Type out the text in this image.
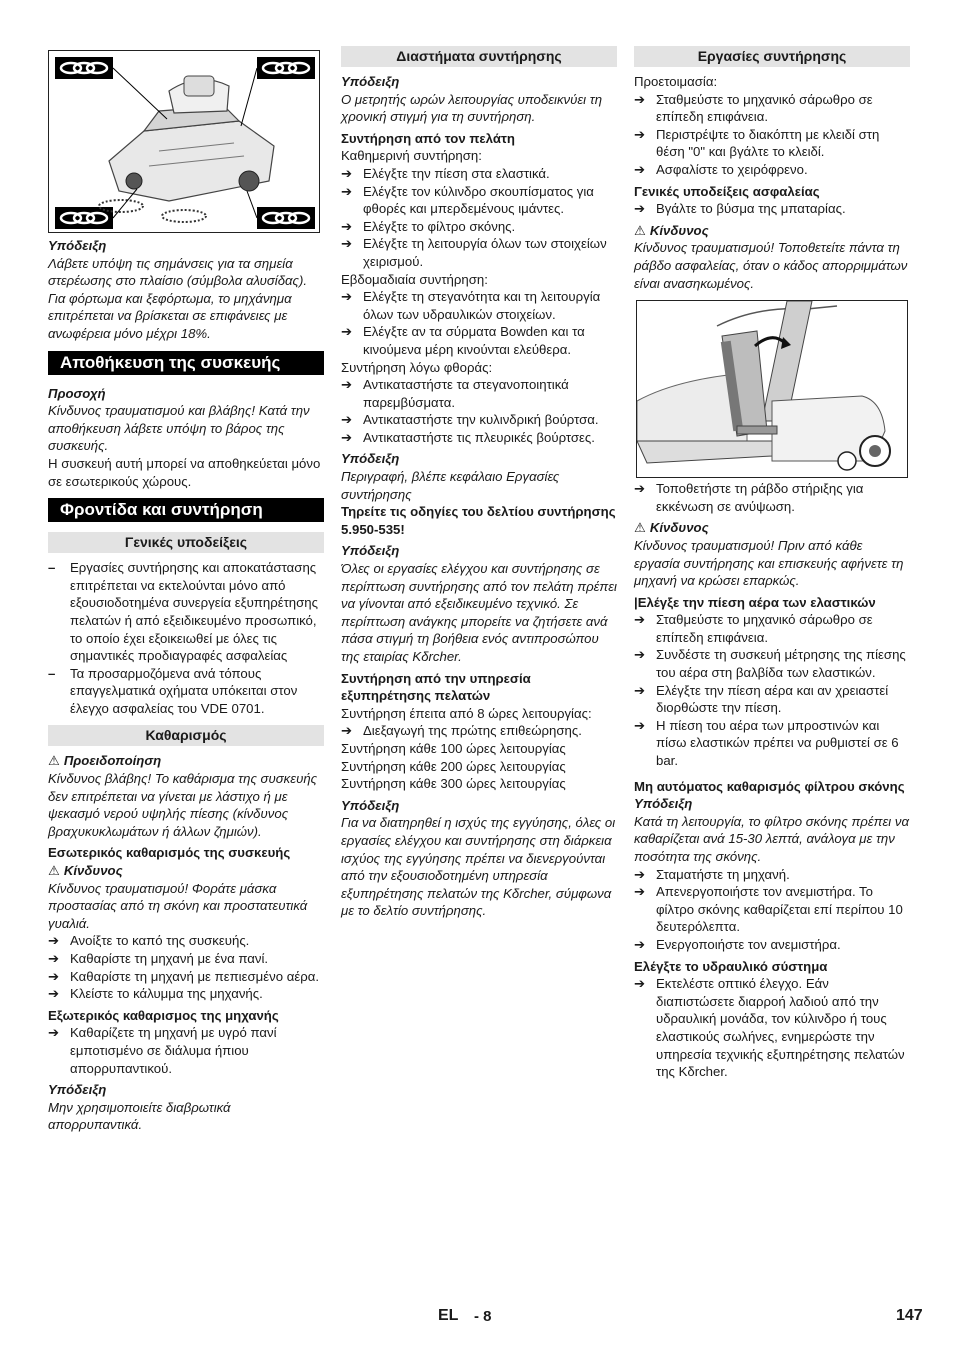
Υπόδειξη
Λάβετε υπόψη τις σημάνσεις για τα σημεία στερέωσης στο πλαίσιο (σύμβολα αλυσίδας). Για φόρτωμα και ξεφόρτωμα, το μηχάνημα επιτρέπεται να βρίσκεται σε επιφάνειες με ανωφέρεια μόνο μέχρι 18%.
Αποθήκευση της συσκευής
Προσοχή
Κίνδυνος τραυματισμού και βλάβης! Κατά την αποθήκευση λάβετε υπόψη το βάρος της συσκευής.
Η συσκευή αυτή μπορεί να αποθηκεύεται μόνο σε εσωτερικούς χώρους.
Φροντίδα και συντήρηση
Γενικές υποδείξεις
–	Εργασίες συντήρησης και αποκατάστασης επιτρέπεται να εκτελούνται μόνο από εξουσιοδοτημένα συνεργεία εξυπηρέτησης πελατών ή από εξειδικευμένο προσωπικό, το οποίο έχει εξοικειωθεί με όλες τις σημαντικές προδιαγραφές ασφαλείας
–	Τα προσαρμοζόμενα ανά τόπους επαγγελματικά οχήματα υπόκειται στον έλεγχο ασφαλείας του VDE 0701.
Καθαρισμός
⚠ Προειδοποίηση
Κίνδυνος βλάβης! Το καθάρισμα της συσκευής δεν επιτρέπεται να γίνεται με λάστιχο ή με ψεκασμό νερού υψηλής πίεσης (κίνδυνος βραχυκυκλωμάτων ή άλλων ζημιών).
Εσωτερικός καθαρισμός της συσκευής
⚠ Κίνδυνος
Κίνδυνος τραυματισμού! Φοράτε μάσκα προστασίας από τη σκόνη και προστατευτικά γυαλιά.
➔ Ανοίξτε το καπό της συσκευής.
➔ Καθαρίστε τη μηχανή με ένα πανί.
➔ Καθαρίστε τη μηχανή με πεπιεσμένο αέρα.
➔ Κλείστε το κάλυμμα της μηχανής.
Εξωτερικός καθαρισμος της μηχανής
➔ Καθαρίζετε τη μηχανή με υγρό πανί εμποτισμένο σε διάλυμα ήπιου απορρυπαντικού.
Υπόδειξη
Μην χρησιμοποιείτε διαβρωτικά απορρυπαντικά.
Διαστήματα συντήρησης
Υπόδειξη
Ο μετρητής ωρών λειτουργίας υποδεικνύει τη χρονική στιγμή για τη συντήρηση.
Συντήρηση από τον πελάτη
Καθημερινή συντήρηση:
➔ Ελέγξτε την πίεση στα ελαστικά.
➔ Ελέγξτε τον κύλινδρο σκουπίσματος για φθορές και μπερδεμένους ιμάντες.
➔ Ελέγξτε το φίλτρο σκόνης.
➔ Ελέγξτε τη λειτουργία όλων των στοιχείων χειρισμού.
Εβδομαδιαία συντήρηση:
➔ Ελέγξτε τη στεγανότητα και τη λειτουργία όλων των υδραυλικών στοιχείων.
➔ Ελέγξτε αν τα σύρματα Bowden και τα κινούμενα μέρη κινούνται ελεύθερα.
Συντήρηση λόγω φθοράς:
➔ Αντικαταστήστε τα στεγανοποιητικά παρεμβύσματα.
➔ Αντικαταστήστε την κυλινδρική βούρτσα.
➔ Αντικαταστήστε τις πλευρικές βούρτσες.
Υπόδειξη
Περιγραφή, βλέπε κεφάλαιο Εργασίες συντήρησης
Τηρείτε τις οδηγίες του δελτίου συντήρησης 5.950-535!
Υπόδειξη
Όλες οι εργασίες ελέγχου και συντήρησης σε περίπτωση συντήρησης από τον πελάτη πρέπει να γίνονται από εξειδικευμένο τεχνικό. Σε περίπτωση ανάγκης μπορείτε να ζητήσετε ανά πάσα στιγμή τη βοήθεια ενός αντιπροσώπου της εταιρίας Kδrcher.
Συντήρηση από την υπηρεσία εξυπηρέτησης πελατών
Συντήρηση έπειτα από 8 ώρες λειτουργίας:
➔ Διεξαγωγή της πρώτης επιθεώρησης.
Συντήρηση κάθε 100 ώρες λειτουργίας
Συντήρηση κάθε 200 ώρες λειτουργίας
Συντήρηση κάθε 300 ώρες λειτουργίας
Υπόδειξη
Για να διατηρηθεί η ισχύς της εγγύησης, όλες οι εργασίες ελέγχου και συντήρησης στη διάρκεια ισχύος της εγγύησης πρέπει να διενεργούνται από την εξουσιοδοτημένη υπηρεσία εξυπηρέτησης πελατών της Kδrcher, σύμφωνα με το δελτίο συντήρησης.
Εργασίες συντήρησης
Προετοιμασία:
➔ Σταθμεύστε το μηχανικό σάρωθρο σε επίπεδη επιφάνεια.
➔ Περιστρέψτε το διακόπτη με κλειδί στη θέση "0" και βγάλτε το κλειδί.
➔ Ασφαλίστε το χειρόφρενο.
Γενικές υποδείξεις ασφαλείας
➔ Βγάλτε το βύσμα της μπαταρίας.
⚠ Κίνδυνος
Κίνδυνος τραυματισμού! Τοποθετείτε πάντα τη ράβδο ασφαλείας, όταν ο κάδος απορριμμάτων είναι ανασηκωμένος.
➔ Τοποθετήστε τη ράβδο στήριξης για εκκένωση σε ανύψωση.
⚠ Κίνδυνος
Κίνδυνος τραυματισμού! Πριν από κάθε εργασία συντήρησης και επισκευής αφήνετε τη μηχανή να κρώσει επαρκώς.
|Ελέγξε την πίεση αέρα των ελαστικών
➔ Σταθμεύστε το μηχανικό σάρωθρο σε επίπεδη επιφάνεια.
➔ Συνδέστε τη συσκευή μέτρησης της πίεσης του αέρα στη βαλβίδα των ελαστικών.
➔ Ελέγξτε την πίεση αέρα και αν χρειαστεί διορθώστε την πίεση.
➔ Η πίεση του αέρα των μπροστινών και πίσω ελαστικών πρέπει να ρυθμιστεί σε 6 bar.
Μη αυτόματος καθαρισμός φίλτρου σκόνης
Υπόδειξη
Κατά τη λειτουργία, το φίλτρο σκόνης πρέπει να καθαρίζεται ανά 15-30 λεπτά, ανάλογα με την ποσότητα της σκόνης.
➔ Σταματήστε τη μηχανή.
➔ Απενεργοποιήστε τον ανεμιστήρα. Το φίλτρο σκόνης καθαρίζεται επί περίπου 10 δευτερόλεπτα.
➔ Ενεργοποιήστε τον ανεμιστήρα.
Ελέγξτε το υδραυλικό σύστημα
➔ Εκτελέστε οπτικό έλεγχο. Εάν διαπιστώσετε διαρροή λαδιού από την υδραυλική μονάδα, τον κύλινδρο ή τους ελαστικούς σωλήνες, ενημερώστε την υπηρεσία τεχνικής εξυπηρέτησης πελατών της Kδrcher.
EL - 8	147
